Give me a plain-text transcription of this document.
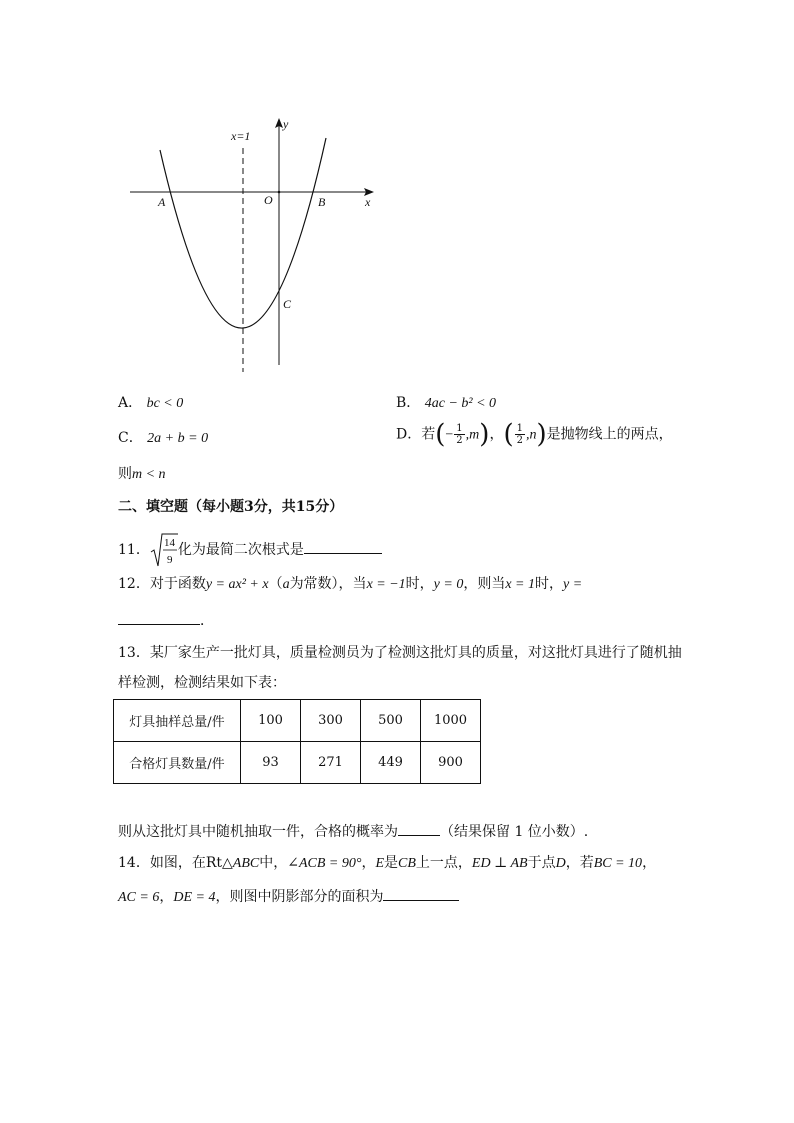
x=1
y
x
O
A	B
C
A． bc < 0	B． 4ac − b² < 0
C． 2a + b = 0	D．若(− $\frac{1}{2} ,m$)，( $\frac{1}{2} ,n$)是抛物线上的两点，
则m < n
二、填空题（每小题3分，共15分）
11． 14
9
化为最简二次根式是
12．对于函数y = ax² + x（a为常数），当x = −1时，y = 0，则当x = 1时，y =
．
13．某厂家生产一批灯具，质量检测员为了检测这批灯具的质量，对这批灯具进行了随机抽
样检测，检测结果如下表：
灯具抽样总量/件	100	300	500	1000
合格灯具数量/件	93	271	449	900
则从这批灯具中随机抽取一件，合格的概率为	（结果保留 1 位小数）.
14．如图，在Rt△ABC中，∠ACB = 90°，E是CB上一点，ED ⊥ AB于点D，若BC = 10，
AC = 6，DE = 4，则图中阴影部分的面积为
